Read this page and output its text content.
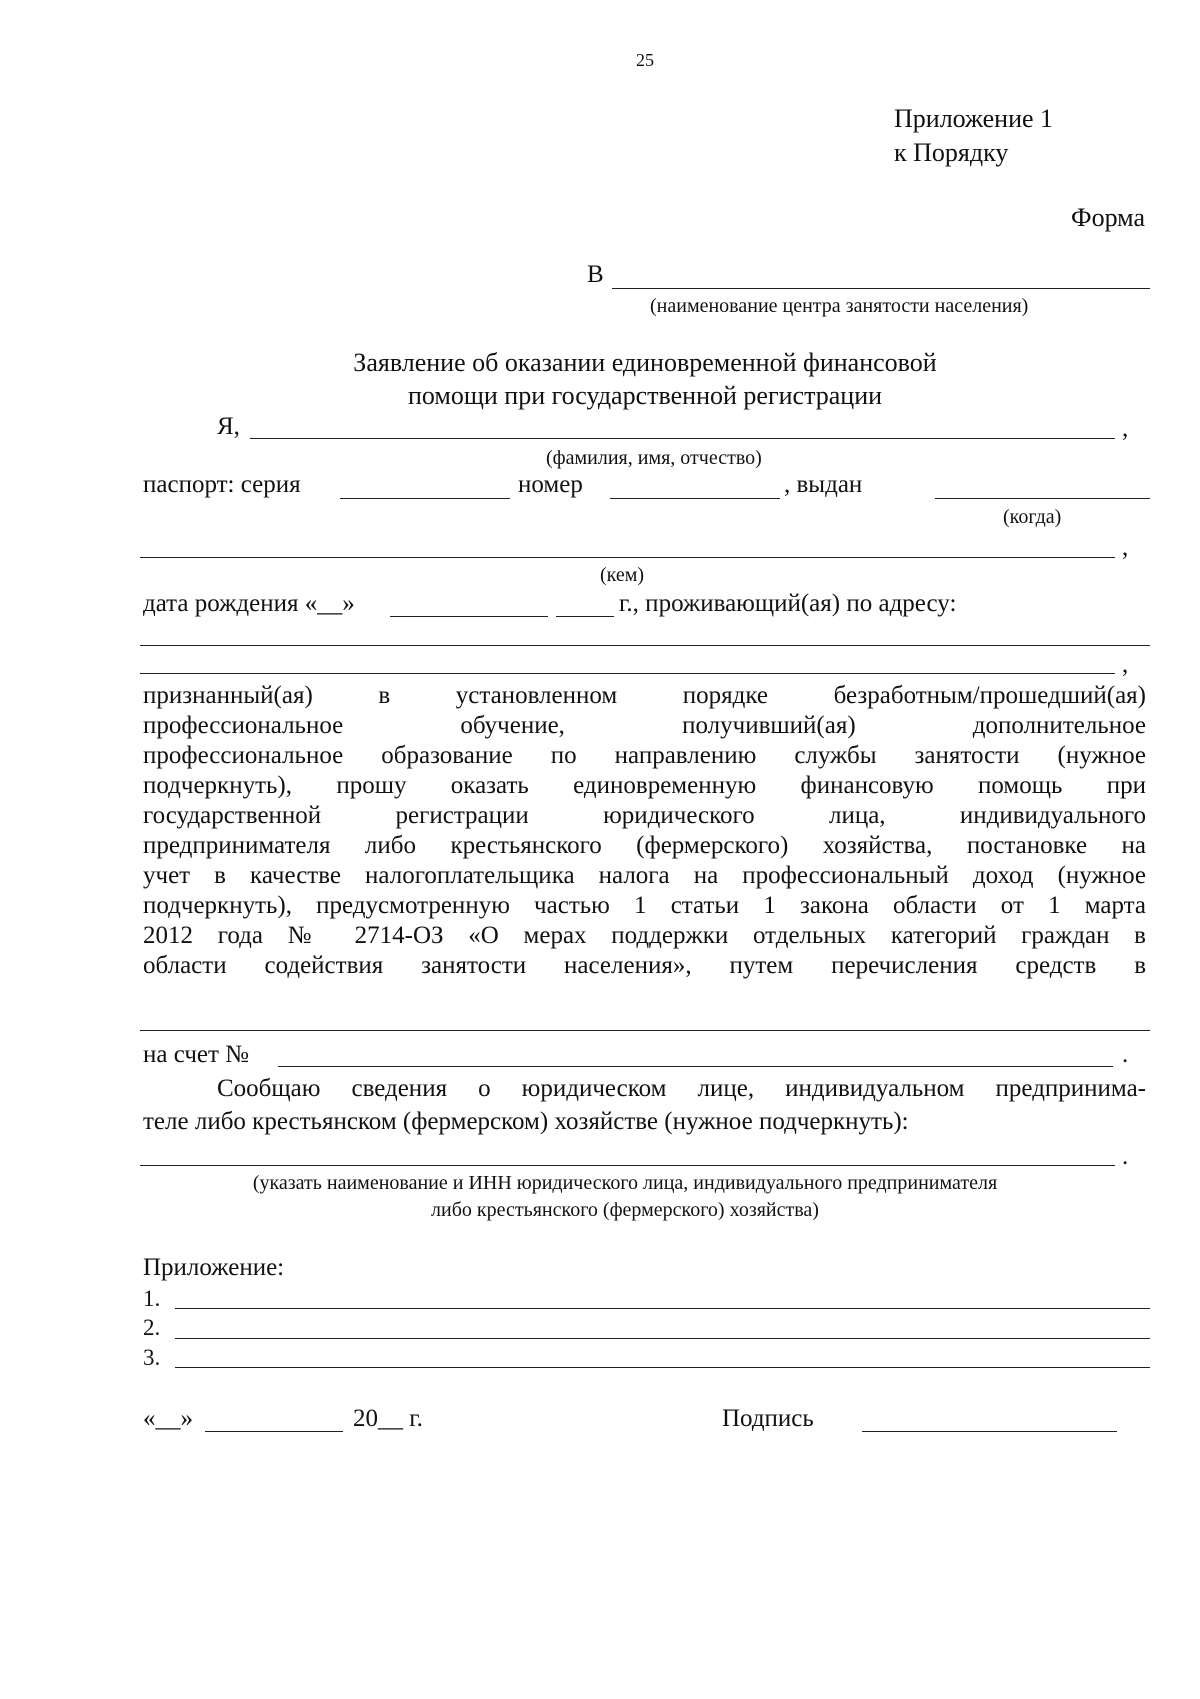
25
Приложение 1
к Порядку
Форма
В
(наименование центра занятости населения)
Заявление об оказании единовременной финансовой
помощи при государственной регистрации
Я,	,
(фамилия, имя, отчество)
паспорт: серия	номер	, выдан
(когда)
,
(кем)
дата рождения «__»	г., проживающий(ая) по адресу:
,
признанный(ая) в установленном порядке безработным/прошедший(ая)
профессиональное обучение, получивший(ая) дополнительное
профессиональное образование по направлению службы занятости (нужное
подчеркнуть), прошу оказать единовременную финансовую помощь при
государственной регистрации юридического лица, индивидуального
предпринимателя либо крестьянского (фермерского) хозяйства, постановке на
учет в качестве налогоплательщика налога на профессиональный доход (нужное
подчеркнуть), предусмотренную частью 1 статьи 1 закона области от 1 марта
2012 года № 2714-ОЗ «О мерах поддержки отдельных категорий граждан в
области содействия занятости населения», путем перечисления средств в
на счет №	.
Сообщаю сведения о юридическом лице, индивидуальном предпринима-
теле либо крестьянском (фермерском) хозяйстве (нужное подчеркнуть):
.
(указать наименование и ИНН юридического лица, индивидуального предпринимателя
либо крестьянского (фермерского) хозяйства)
Приложение:
1.
2.
3.
«__»	20__ г.	Подпись
